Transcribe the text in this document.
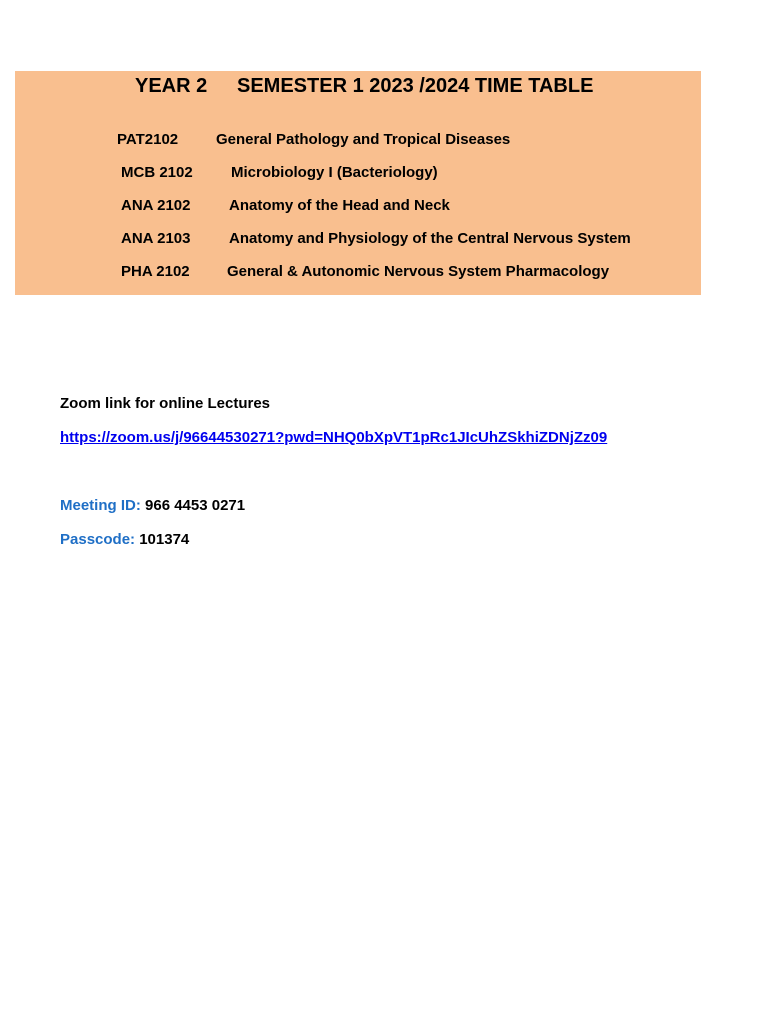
YEAR 2 SEMESTER 1 2023 /2024 TIME TABLE
PAT2102	General Pathology and Tropical Diseases
MCB 2102	Microbiology I (Bacteriology)
ANA 2102	Anatomy of the Head and Neck
ANA 2103	Anatomy and Physiology of the Central Nervous System
PHA 2102 General & Autonomic Nervous System Pharmacology
Zoom link for online Lectures
https://zoom.us/j/96644530271?pwd=NHQ0bXpVT1pRc1JIcUhZSkhiZDNjZz09
Meeting ID: 966 4453 0271
Passcode: 101374
